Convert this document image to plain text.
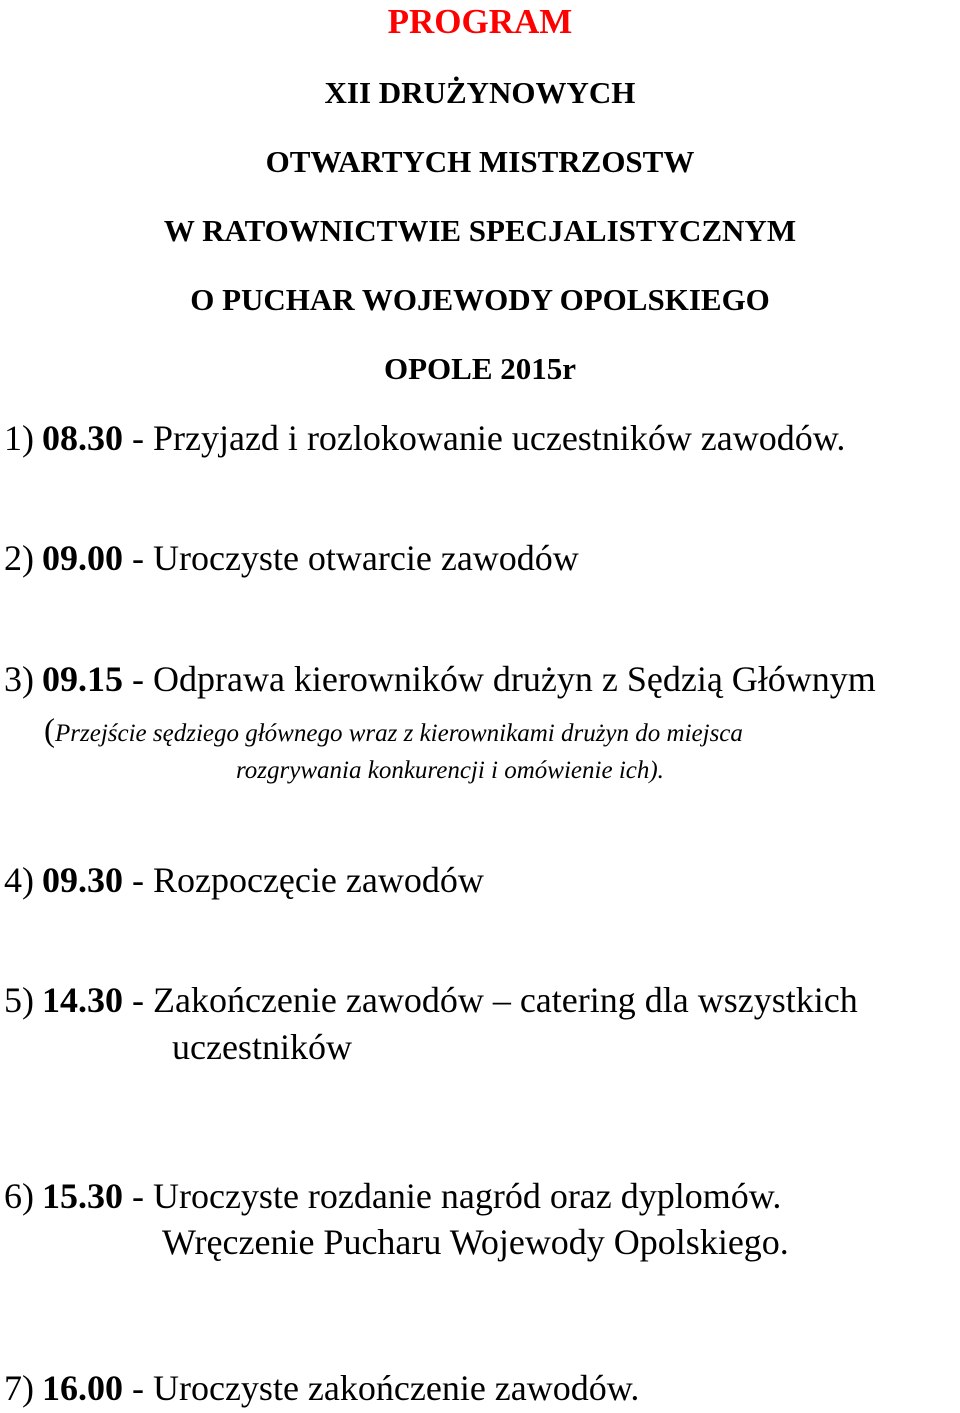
PROGRAM
XII DRUŻYNOWYCH
OTWARTYCH MISTRZOSTW
W RATOWNICTWIE SPECJALISTYCZNYM
O PUCHAR WOJEWODY OPOLSKIEGO
OPOLE 2015r
1) 08.30 - Przyjazd i rozlokowanie uczestników zawodów.
2) 09.00 - Uroczyste otwarcie zawodów
3) 09.15 - Odprawa kierowników drużyn z Sędzią Głównym
(Przejście sędziego głównego wraz z kierownikami drużyn do miejsca
rozgrywania konkurencji i omówienie ich).
4) 09.30 - Rozpoczęcie zawodów
5) 14.30 - Zakończenie zawodów – catering dla wszystkich
uczestników
6) 15.30 - Uroczyste rozdanie nagród oraz dyplomów.
Wręczenie Pucharu Wojewody Opolskiego.
7) 16.00 - Uroczyste zakończenie zawodów.
